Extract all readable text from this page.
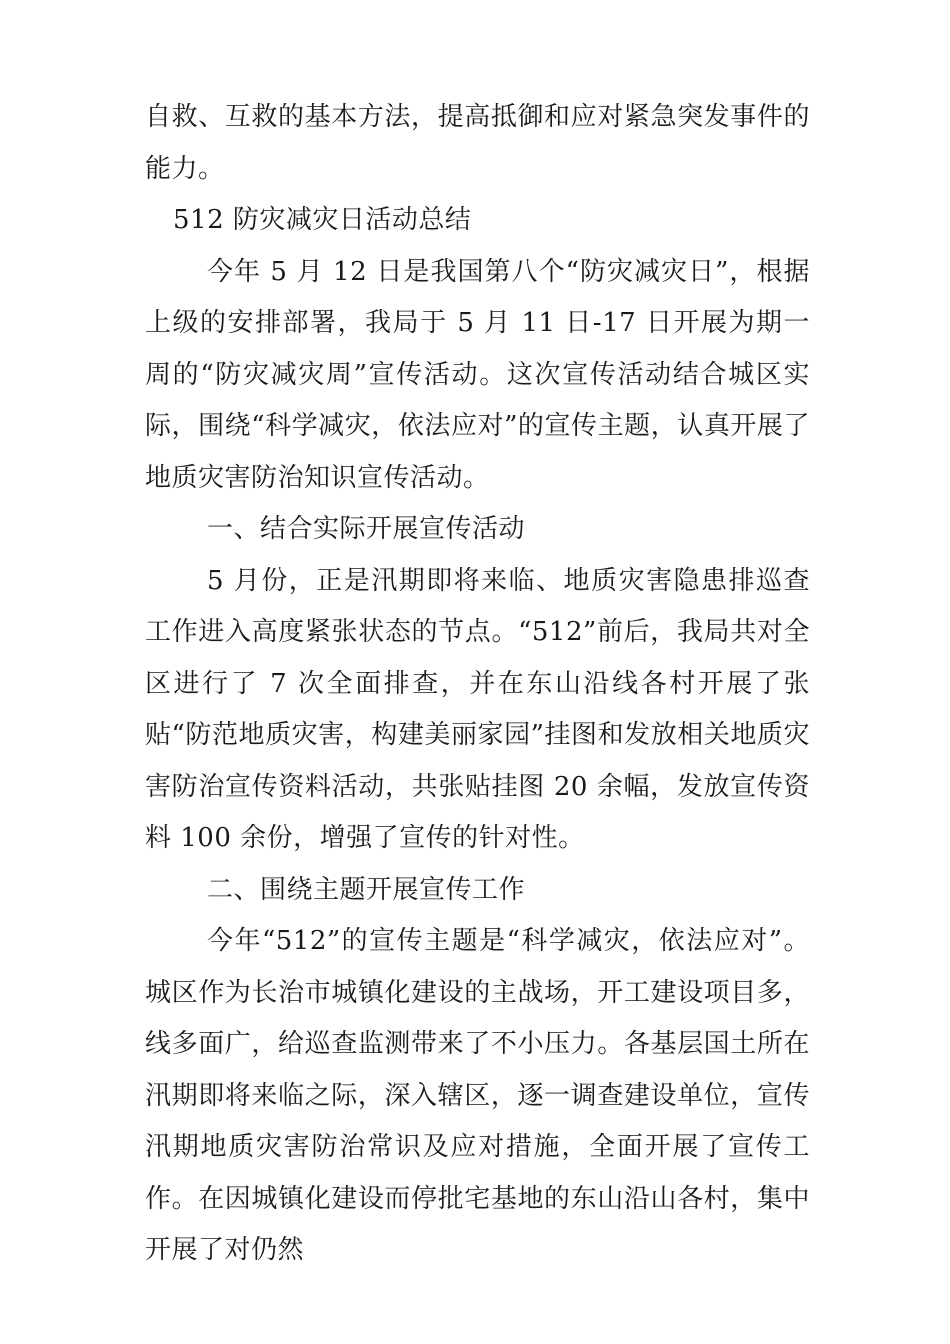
自救、互救的基本方法，提高抵御和应对紧急突发事件的能力。

512 防灾减灾日活动总结

今年 5 月 12 日是我国第八个“防灾减灾日”，根据上级的安排部署，我局于 5 月 11 日-17 日开展为期一周的“防灾减灾周”宣传活动。这次宣传活动结合城区实际，围绕“科学减灾，依法应对”的宣传主题，认真开展了地质灾害防治知识宣传活动。

一、结合实际开展宣传活动

5 月份，正是汛期即将来临、地质灾害隐患排巡查工作进入高度紧张状态的节点。“512”前后，我局共对全区进行了 7 次全面排查，并在东山沿线各村开展了张贴“防范地质灾害，构建美丽家园”挂图和发放相关地质灾害防治宣传资料活动，共张贴挂图 20 余幅，发放宣传资料 100 余份，增强了宣传的针对性。

二、围绕主题开展宣传工作

今年“512”的宣传主题是“科学减灾，依法应对”。城区作为长治市城镇化建设的主战场，开工建设项目多，线多面广，给巡查监测带来了不小压力。各基层国土所在汛期即将来临之际，深入辖区，逐一调查建设单位，宣传汛期地质灾害防治常识及应对措施，全面开展了宣传工作。在因城镇化建设而停批宅基地的东山沿山各村，集中开展了对仍然
